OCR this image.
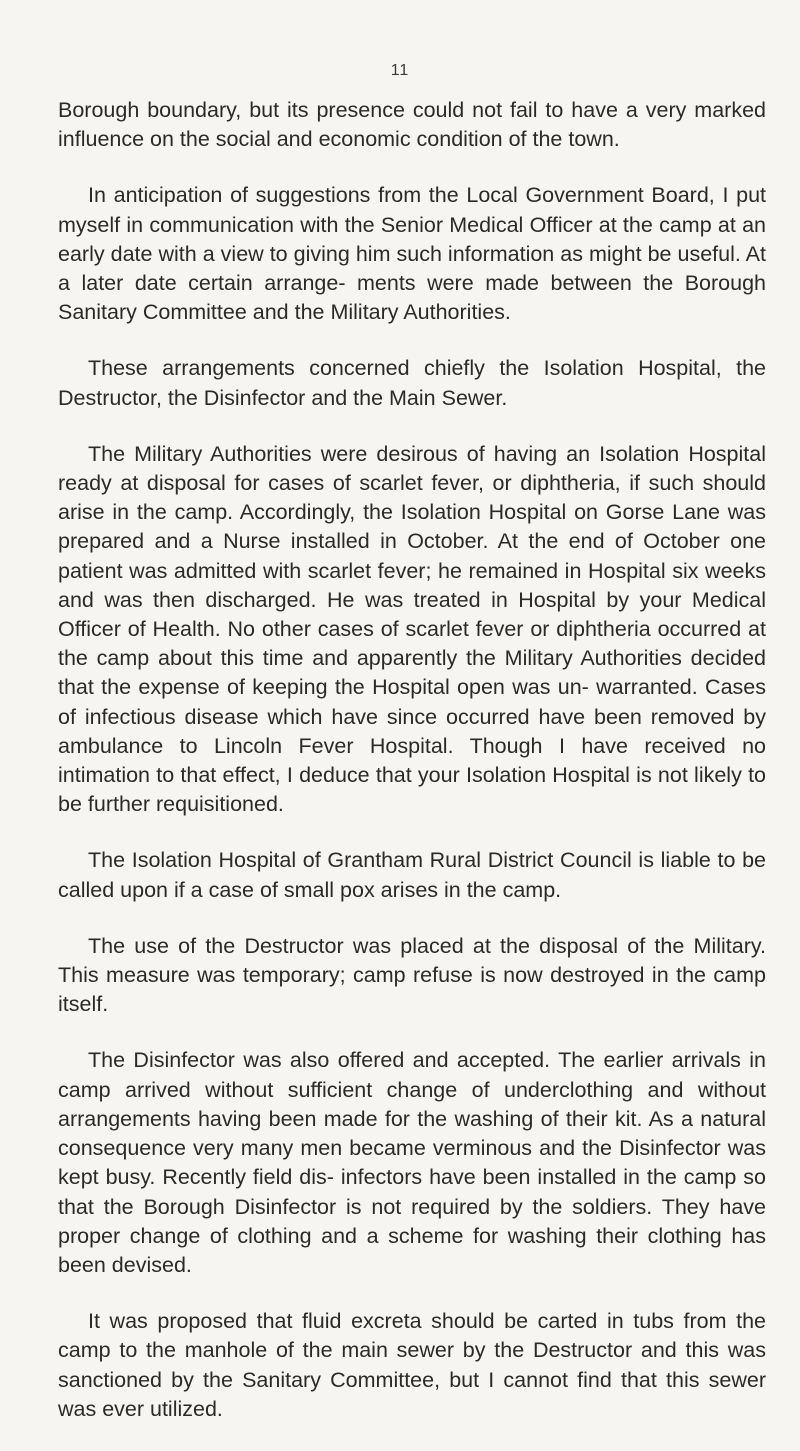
11

Borough boundary, but its presence could not fail to have a very marked influence on the social and economic condition of the town.

In anticipation of suggestions from the Local Government Board, I put myself in communication with the Senior Medical Officer at the camp at an early date with a view to giving him such information as might be useful. At a later date certain arrange- ments were made between the Borough Sanitary Committee and the Military Authorities.

These arrangements concerned chiefly the Isolation Hospital, the Destructor, the Disinfector and the Main Sewer.

The Military Authorities were desirous of having an Isolation Hospital ready at disposal for cases of scarlet fever, or diphtheria, if such should arise in the camp. Accordingly, the Isolation Hospital on Gorse Lane was prepared and a Nurse installed in October. At the end of October one patient was admitted with scarlet fever; he remained in Hospital six weeks and was then discharged. He was treated in Hospital by your Medical Officer of Health. No other cases of scarlet fever or diphtheria occurred at the camp about this time and apparently the Military Authorities decided that the expense of keeping the Hospital open was un- warranted. Cases of infectious disease which have since occurred have been removed by ambulance to Lincoln Fever Hospital. Though I have received no intimation to that effect, I deduce that your Isolation Hospital is not likely to be further requisitioned.

The Isolation Hospital of Grantham Rural District Council is liable to be called upon if a case of small pox arises in the camp.

The use of the Destructor was placed at the disposal of the Military. This measure was temporary; camp refuse is now destroyed in the camp itself.

The Disinfector was also offered and accepted. The earlier arrivals in camp arrived without sufficient change of underclothing and without arrangements having been made for the washing of their kit. As a natural consequence very many men became verminous and the Disinfector was kept busy. Recently field dis- infectors have been installed in the camp so that the Borough Disinfector is not required by the soldiers. They have proper change of clothing and a scheme for washing their clothing has been devised.

It was proposed that fluid excreta should be carted in tubs from the camp to the manhole of the main sewer by the Destructor and this was sanctioned by the Sanitary Committee, but I cannot find that this sewer was ever utilized.
